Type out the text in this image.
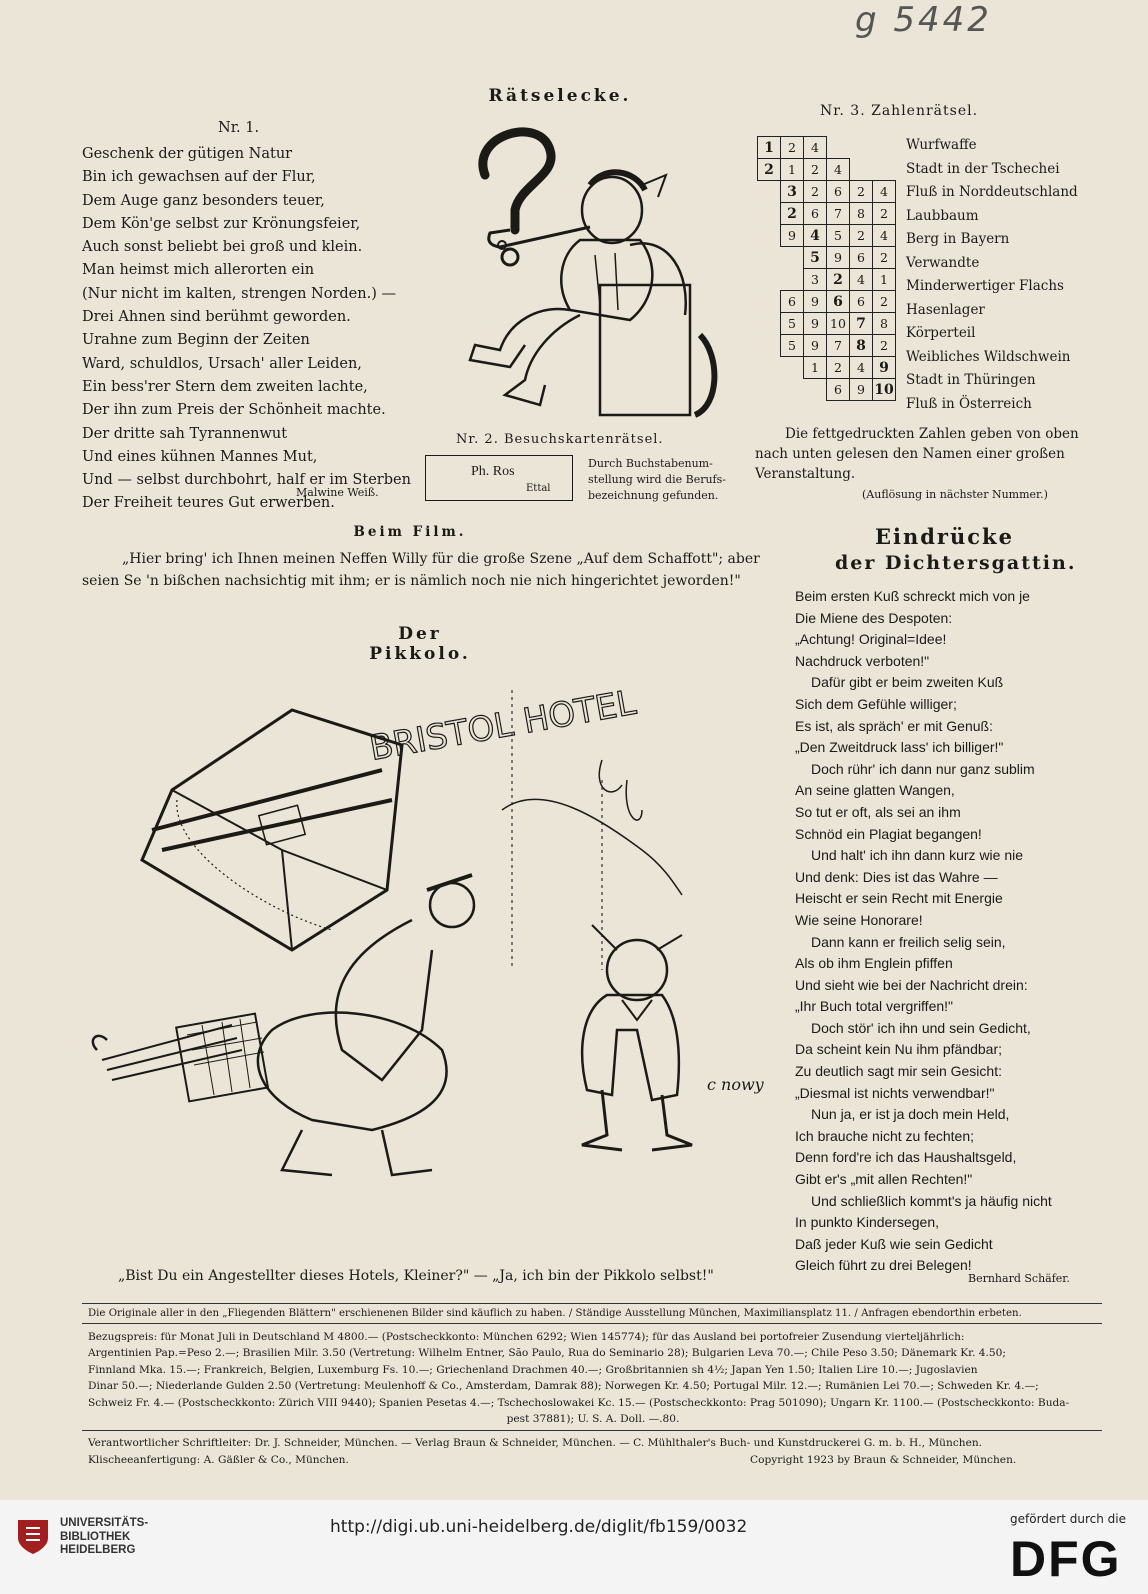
g 5442
Rätselecke.
Nr. 1.
Geschenk der gütigen Natur
Bin ich gewachsen auf der Flur,
Dem Auge ganz besonders teuer,
Dem Kön'ge selbst zur Krönungsfeier,
Auch sonst beliebt bei groß und klein.
Man heimst mich allerorten ein
(Nur nicht im kalten, strengen Norden.) —
Drei Ahnen sind berühmt geworden.
Urahne zum Beginn der Zeiten
Ward, schuldlos, Ursach' aller Leiden,
Ein bess'rer Stern dem zweiten lachte,
Der ihn zum Preis der Schönheit machte.
Der dritte sah Tyrannenwut
Und eines kühnen Mannes Mut,
Und — selbst durchbohrt, half er im Sterben
Der Freiheit teures Gut erwerben.
Malwine Weiß.
Nr. 2. Besuchskartenrätsel.
Ph. Ros
Ettal
Durch Buchstabenum-
stellung wird die Berufs-
bezeichnung gefunden.
Nr. 3. Zahlenrätsel.
1	2	4			
2	1	2	4		
	3	2	6	2	4
	2	6	7	8	2
	9	4	5	2	4
		5	9	6	2
		3	2	4	1
	6	9	6	6	2
	5	9	10	7	8
	5	9	7	8	2
		1	2	4	9
			6	9	10
Wurfwaffe
Stadt in der Tschechei
Fluß in Norddeutschland
Laubbaum
Berg in Bayern
Verwandte
Minderwertiger Flachs
Hasenlager
Körperteil
Weibliches Wildschwein
Stadt in Thüringen
Fluß in Österreich
Die fettgedruckten Zahlen geben von oben
nach unten gelesen den Namen einer großen
Veranstaltung.
(Auflösung in nächster Nummer.)
Beim Film.
„Hier bring' ich Ihnen meinen Neffen Willy für die große Szene „Auf dem Schaffott"; aber
seien Se 'n bißchen nachsichtig mit ihm; er is nämlich noch nie nich hingerichtet jeworden!"
Der Pikkolo.
BRISTOL HOTEL
c nowy
„Bist Du ein Angestellter dieses Hotels, Kleiner?" — „Ja, ich bin der Pikkolo selbst!"
Eindrücke
der Dichtersgattin.
Beim ersten Kuß schreckt mich von je
Die Miene des Despoten:
„Achtung! Original=Idee!
Nachdruck verboten!"
Dafür gibt er beim zweiten Kuß
Sich dem Gefühle williger;
Es ist, als spräch' er mit Genuß:
„Den Zweitdruck lass' ich billiger!"
Doch rühr' ich dann nur ganz sublim
An seine glatten Wangen,
So tut er oft, als sei an ihm
Schnöd ein Plagiat begangen!
Und halt' ich ihn dann kurz wie nie
Und denk: Dies ist das Wahre —
Heischt er sein Recht mit Energie
Wie seine Honorare!
Dann kann er freilich selig sein,
Als ob ihm Englein pfiffen
Und sieht wie bei der Nachricht drein:
„Ihr Buch total vergriffen!"
Doch stör' ich ihn und sein Gedicht,
Da scheint kein Nu ihm pfändbar;
Zu deutlich sagt mir sein Gesicht:
„Diesmal ist nichts verwendbar!"
Nun ja, er ist ja doch mein Held,
Ich brauche nicht zu fechten;
Denn ford're ich das Haushaltsgeld,
Gibt er's „mit allen Rechten!"
Und schließlich kommt's ja häufig nicht
In punkto Kindersegen,
Daß jeder Kuß wie sein Gedicht
Gleich führt zu drei Belegen!
Bernhard Schäfer.
Die Originale aller in den „Fliegenden Blättern" erschienenen Bilder sind käuflich zu haben. / Ständige Ausstellung München, Maximiliansplatz 11. / Anfragen ebendorthin erbeten.
Bezugspreis: für Monat Juli in Deutschland M 4800.— (Postscheckkonto: München 6292; Wien 145774); für das Ausland bei portofreier Zusendung vierteljährlich:
Argentinien Pap.=Peso 2.—; Brasilien Milr. 3.50 (Vertretung: Wilhelm Entner, São Paulo, Rua do Seminario 28); Bulgarien Leva 70.—; Chile Peso 3.50; Dänemark Kr. 4.50;
Finnland Mka. 15.—; Frankreich, Belgien, Luxemburg Fs. 10.—; Griechenland Drachmen 40.—; Großbritannien sh 4½; Japan Yen 1.50; Italien Lire 10.—; Jugoslavien
Dinar 50.—; Niederlande Gulden 2.50 (Vertretung: Meulenhoff & Co., Amsterdam, Damrak 88); Norwegen Kr. 4.50; Portugal Milr. 12.—; Rumänien Lei 70.—; Schweden Kr. 4.—;
Schweiz Fr. 4.— (Postscheckkonto: Zürich VIII 9440); Spanien Pesetas 4.—; Tschechoslowakei Kc. 15.— (Postscheckkonto: Prag 501090); Ungarn Kr. 1100.— (Postscheckkonto: Buda-
pest 37881); U. S. A. Doll. —.80.
Verantwortlicher Schriftleiter: Dr. J. Schneider, München. — Verlag Braun & Schneider, München. — C. Mühlthaler's Buch- und Kunstdruckerei G. m. b. H., München.
Klischeeanfertigung: A. Gäßler & Co., München.	Copyright 1923 by Braun & Schneider, München.
UNIVERSITÄTS-
BIBLIOTHEK
HEIDELBERG
http://digi.ub.uni-heidelberg.de/diglit/fb159/0032	gefördert durch die
DFG
